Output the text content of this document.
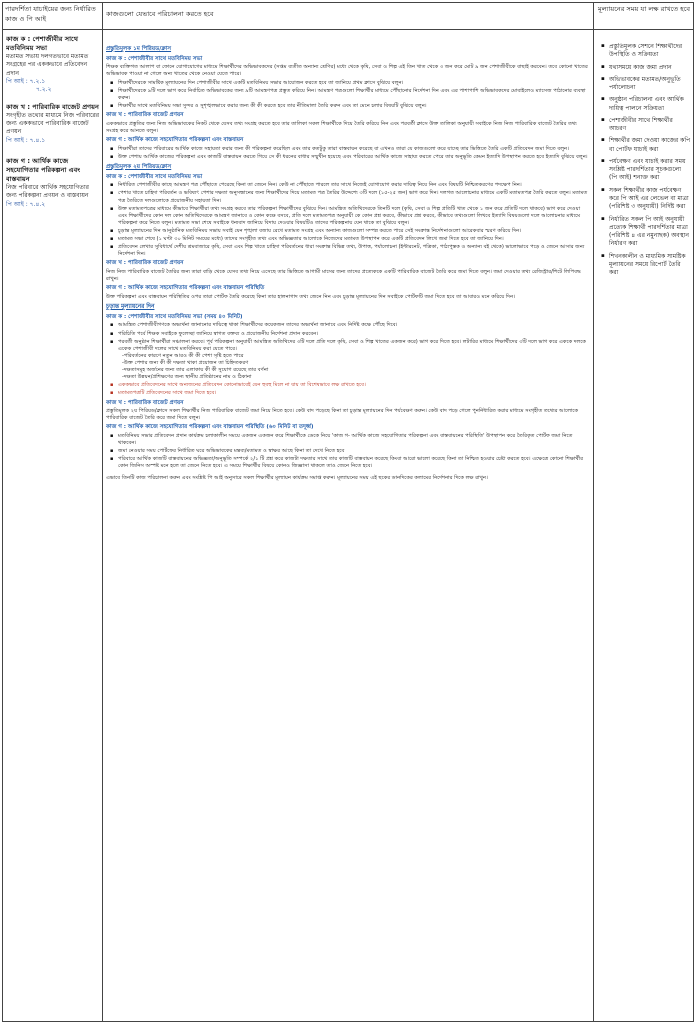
পারদর্শিতা যাচাইয়ের জন্য নির্ধারিত কাজ ও পি আই
কাজগুলো যেভাবে পরিচালনা করতে হবে
মূল্যায়নের সময় যা লক্ষ রাখতে হবে
কাজ ক : পেশাজীবীর সাথে মতবিনিময় সভা
মতামত সভায় দলগতভাবে মতামত সংগ্রহের পর এককভাবে প্রতিবেদন প্রদান
পি আই : ৭.২.১
৭.২.২
কাজ খ : পারিবারিক বাজেট প্রণয়ন
সংগৃহীত তথ্যের মাধ্যমে নিজ পরিবারের জন্য এককভাবে পারিবারিক বাজেট প্রণয়ন
পি আই : ৭.৪.১
কাজ গ : আর্থিক কাজে সহযোগিতার পরিকল্পনা এবং বাস্তবায়ন
নিজ পরিবারে আর্থিক সহযোগিতার জন্য পরিকল্পনা প্রণয়ন ও বাস্তবায়ন
পি আই : ৭.৪.২
প্রস্তুতিমূলক ১ম পিরিয়ড/ক্লাস
কাজ ক : পেশাজীবীর সাথে মতবিনিময় সভা

শিক্ষক ব্যক্তিগত আলাপ বা ফোনে যোগাযোগের মাধ্যমে শিক্ষার্থীদের অভিভাবকদের (সপ্তম ব্যতীত অন্যান্য শ্রেণির) মধ্যে থেকে কৃষি, সেবা ও শিল্প এই তিন খাত থেকে ৩ জন করে মোট ৯ জন পেশাজীবীকে বাছাই করবেন। তবে কোনো খাতের অভিভাবক পাওয়া না গেলে অন্য খাতের থেকে নেওয়া যেতে পারে।

▪ শিক্ষার্থীদেরকে সামষ্টিক মূল্যায়নের দিন পেশাজীবীর সাথে একটি মতবিনিময় সভার আয়োজন করতে হবে তা জানিয়ে প্রথম ক্লাসে বুঝিয়ে বলুন।
▪ শিক্ষার্থীদেরকে ৯টি দলে ভাগ করে নির্বাচিত অভিভাবকের জন্য ৯টি আমন্ত্রণপত্র প্রস্তুত করিয়ে নিন। আমন্ত্রণ পত্রগুলো শিক্ষার্থীর মাধ্যমে পৌঁছানোর নির্দেশনা দিন এবং এর পাশাপাশি অভিভাবকদের মোবাইলেও ম্যাসেজ পাঠানোর ব্যবস্থা করুন।
▪ শিক্ষার্থীর সাথে মতবিনিময় সভা সুন্দর ও সুশৃঙ্খলভাবে করার জন্য কী কী করতে হবে তার নীতিমালা তৈরি করুন এবং তা মেনে চলার বিষয়টি বুঝিয়ে বলুন।
কাজ খ : পারিবারিক বাজেট প্রণয়ন

এককভাবে প্রস্তুতির জন্য নিজ অভিভাবকের নিকট থেকে যেসব তথ্য সংগ্রহ করতে হবে তার তালিকা সকল শিক্ষার্থীকে দিয়ে তৈরি করিয়ে নিন এবং পরবর্তী ক্লাসে উক্ত তালিকা অনুযায়ী সবাইকে নিজ নিজ পারিবারিক বাজেট তৈরির তথ্য সংগ্রহ করে আনতে বলুন।

কাজ গ : আর্থিক কাজে সহযোগিতার পরিকল্পনা এবং বাস্তবায়ন
▪ শিক্ষার্থীরা তাদের পরিবারের আর্থিক কাজে সহায়তা করার জন্য কী পরিকল্পনা করেছিল এবং তার কতটুকু তারা বাস্তবায়ন করেছে বা এখনও তারা যে কাজগুলো করে যাচ্ছে তার ভিত্তিতে তৈরি একটি প্রতিবেদন জমা দিতে বলুন।
▪ উক্ত পেশায় আর্থিক কাজের পরিকল্পনা এবং কাজটি বাস্তবায়ন করতে গিয়ে সে কী ধরনের বাধার সম্মুখীন হয়েছে এবং পরিবারের আর্থিক কাজে সাহায্য করতে পেরে তার অনুভূতি কেমন ইত্যাদি উপস্থাপন করতে হবে ইত্যাদি বুঝিয়ে বলুন।
প্রস্তুতিমূলক ২য় পিরিয়ড/ক্লাস
কাজ ক : পেশাজীবীর সাথে মতবিনিময় সভা
▪ নির্ধারিত পেশাজীবীর কাছে আমন্ত্রণ পত্র পৌঁছাতে পেরেছে কিনা তা জেনে নিন। কেউ না পৌঁছাতে পারলে তার সাথে নিজেই যোগাযোগ করার দায়িত্ব নিয়ে নিন এবং বিষয়টি নিশ্চিতকরণের পদক্ষেপ নিন।
▪ পেশার খাতে চাহিদা পরিবর্তন ও ভবিষ্যৎ পেশার দক্ষতা অনুসন্ধানের জন্য শিক্ষার্থীদের দিয়ে মতামত পত্র তৈরির উদ্দেশ্যে ৩টি দলে (১৫-২৫ জন) ভাগ করে দিন। দলগত আলোচনার মাধ্যমে একটি মতামতপত্র তৈরি করতে বলুন। মতামত পত্র তৈরিতে দলগুলোকে প্রয়োজনীয় সহায়তা দিন।
▪ উক্ত মতামতপত্রের মাধ্যমে কীভাবে শিক্ষার্থীরা তথ্য সংগ্রহ করবে তার পরিকল্পনা শিক্ষার্থীদের বুঝিয়ে দিন। আমন্ত্রিত অতিথিদেরকে তিনটি দলে (কৃষি, সেবা ও শিল্প প্রতিটি খাত থেকে ১ জন করে প্রতিটি দলে থাকবে) ভাগ করে দেওয়া এবং শিক্ষার্থীদের কোন দল কোন অতিথিদেরকে আমন্ত্রণ জানাবে ও কোন কক্ষে বসবে, প্রতি দলে মতামতপত্র অনুযায়ী কে কোন প্রশ্ন করবে, কীভাবে প্রশ্ন করবে, কীভাবে তথ্যগুলো লিখবে ইত্যাদি বিষয়গুলো দলে আলোচনার মাধ্যমে পরিকল্পনা করে নিতে বলুন। মতামত সভা শেষে সবাইকে ধন্যবাদ জানিয়ে বিদায় দেওয়ার বিষয়টিও তাদের পরিকল্পনায় যেন থাকে তা বুঝিয়ে বলুন।
▪ চূড়ান্ত মূল্যায়নের দিন আনুষ্ঠানিক মতবিনিময় সভায় সবাই যেন শৃঙ্খলা বজায় রেখে মতামত সংগ্রহ এবং অন্যান্য কাজগুলো সম্পন্ন করতে পারে সেই সংক্রান্ত নির্দেশনাগুলো আরেকবার স্মরণ করিয়ে দিন।
▪ মতামত সভা শেষে (১ ঘণ্টা ৩০ মিনিট সময়ের মধ্যে) তাদের সংগৃহীত তথ্য এবং অভিজ্ঞতার আলোকে নিজেদের মতামত উপস্থাপন করে একটি প্রতিবেদন লিখে জমা দিতে হবে তা জানিয়ে দিন।
▪ প্রতিবেদন লেখার সুবিধার্থে দেশীয় শ্রমবাজারে কৃষি, সেবা এবং শিল্প খাতে চাহিদা পরিবর্তনের ধারা সংক্রান্ত বিভিন্ন তথ্য, উপাত্ত, পর্যালোচনা (ইন্টারনেট, পত্রিকা, পাঠ্যপুস্তক ও অন্যান্য বই থেকে) ভালোভাবে পড়ে ও জেনে আসার জন্য নির্দেশনা দিন।
কাজ খ : পারিবারিক বাজেট প্রণয়ন

নিজ নিজ পারিবারিক বাজেট তৈরির জন্য তারা বাড়ি থেকে যেসব তথ্য নিয়ে এসেছে তার ভিত্তিতে আগামী মাসের জন্য তাদের প্রত্যেককে একটি পারিবারিক বাজেট তৈরি করে জমা দিতে বলুন। জমা দেওয়ার তথ্য রেজিস্ট্রার/শিটে লিপিবদ্ধ রাখুন।

কাজ গ : আর্থিক কাজে সহযোগিতার পরিকল্পনা এবং বাস্তবায়ন পরিস্থিতি

উক্ত পরিকল্পনা এবং বাস্তবায়ন পরিস্থিতির ওপর তারা পোর্টফ তৈরি করেছে কিনা তার হালনাগাদ তথ্য জেনে নিন এবং চূড়ান্ত মূল্যায়নের দিন সবাইকে পোর্টফটি জমা দিতে হবে তা আবারও মনে করিয়ে দিন।

চূড়ান্ত মূল্যায়নের দিন
কাজ ক : পেশাজীবীর সাথে মতবিনিময় সভা (সময় ৪০ মিনিট)
▪ আমন্ত্রিত পেশাজীবীগণকে অভ্যর্থনা জানানোর দায়িত্বে থাকা শিক্ষার্থীদের কয়েকজন তাদের অভ্যর্থনা জানাবে এবং নির্দিষ্ট কক্ষে পৌঁছে দিবে।
▪ পরিচিতি পর্বে শিক্ষক সবাইকে ফুলেচ্ছা জানিয়ে স্বাগত বক্তব্য ও প্রয়োজনীয় নির্দেশনা প্রদান করবেন।
▪ পরবর্তী অনুষ্ঠান শিক্ষার্থীরা সঞ্চালনা করবে। পূর্ব পরিকল্পনা অনুযায়ী আমন্ত্রিত অতিথিদের ৩টি দলে প্রতি দলে কৃষি, সেবা ও শিল্প খাতের একজন করে) ভাগ করে দিতে হবে। লটারির মাধ্যমে শিক্ষার্থীদের ৩টি দলে ভাগ করে এককে দলকে একেক পেশাজীবী দলের সাথে মতবিনিময় করা যেতে পারে।
-পরিবর্তনের কারণে নতুন আরও কী কী পেশা সৃষ্টি হতে পারে
-উক্ত পেশার জন্য কী কী দক্ষতা থাকা প্রয়োজন তা চিহ্নিতকরণ
-দক্ষতাসমূহ অর্জনের জন্য তার এলাকায় কী কী সুযোগ রয়েছে তার বর্ণনা
-দক্ষতা উন্নয়ন/প্রশিক্ষণের জন্য স্থানীয় প্রতিষ্ঠানের নাম ও ঠিকানা
▪ এককভাবে প্রতিবেদনের সাথে অন্যজনের প্রতিবেদন কোনোভাবেই যেন হুবহু মিলে না যায় তা বিশেষভাবে লক্ষ রাখতে হবে।
▪ মতামতপত্রটি প্রতিবেদনের সাথে জমা দিতে হবে।
কাজ খ : পারিবারিক বাজেট প্রণয়ন

প্রস্তুতিমূলক ২য় পিরিয়ড/ক্লাসে সকল শিক্ষার্থীর নিজ পারিবারিক বাজেট জমা নিয়ে নিতে হবে। কেউ বাদ পড়েছে কিনা তা চূড়ান্ত মূল্যায়নের দিন পর্যবেক্ষণ করুন। কেউ বাদ পড়ে গেলে পুনর্নিধারিত করার মাধ্যমে সংগৃহীত তথ্যের আলোকে পারিবারিক বাজেট তৈরি করে জমা দিতে বলুন।

কাজ গ : আর্থিক কাজে সহযোগিতার পরিকল্পনা এবং বাস্তবায়ন পরিস্থিতি (৬০ মিনিট বা তদূর্ধ্ব)
▪ মতবিনিময় সভার প্রতিবেদন প্রদান কার্যক্রম চলাকালীন সময়ে একজন একজন করে শিক্ষার্থীকে ডেকে নিয়ে 'কাজ গ- আর্থিক কাজে সহযোগিতার পরিকল্পনা এবং বাস্তবায়নের পরিস্থিতি' উপস্থাপন করে তৈরিকৃত পোর্টফ জমা নিতে থাকবেন।
▪ জমা নেওয়ার সময় পোর্টফের নির্ধারিত ঘরে অভিভাবকের মন্তব্য/মতামত ও স্বাক্ষর আছে কিনা তা দেখে নিতে হবে
▪ পরিবারে আর্থিক কাজটি বাস্তবায়নের অভিজ্ঞতা/অনুভূতি সম্পর্কে ২/১ টি প্রশ্ন করে কাজটা দক্ষতার সাথে তার কাজটি বাস্তবায়ন করেছে কিংবা আরো ভালো করেছে কিনা তা নিশ্চিত হওয়ার চেষ্টা করতে হবে। এক্ষেত্রে কোনো শিক্ষার্থীর কোন জিনিস অস্পষ্ট মনে হলে তা জেনে নিতে হবে। এ সময়ে শিক্ষার্থীর বিষয়ে কোনও জিজ্ঞাসা থাকলে তাও জেনে নিতে হবে।

এভাবে তিনটি কাজ পরিচালনা করুন এবং সংশ্লিষ্ট পি আই অনুসারে সকল শিক্ষার্থীর মূল্যায়ন কার্যক্রম সমাপ্ত করুন। মূল্যায়নের সময় এই ছকের ডানদিকের কলামের নির্দেশনার দিকে লক্ষ রাখুন।

▪ প্রস্তুতিমূলক সেশনে শিক্ষার্থীদের উপস্থিতি ও সক্রিয়তা
▪ যথাসময়ে কাজ জমা প্রদান
▪ অভিভাবকের মতামত/অনুভূতি পর্যালোচনা
▪ অনুষ্ঠান পরিচালনা এবং আর্থিক দায়িত্ব পালনে সক্রিয়তা
▪ পেশাজীবীর সাথে শিক্ষার্থীর আচরণ
▪ শিক্ষার্থীর জমা দেওয়া কাজের কপি বা পোর্টফ যাচাই করা
▪ পর্যবেক্ষণ এবং যাচাই করার সময় সংশ্লিষ্ট পারদর্শিতার সূচকগুলো (পি আই) শনাক্ত করা
▪ সকল শিক্ষার্থীর কাজ পর্যবেক্ষণ করে পি আই এর লেভেল বা মাত্রা (পরিশিষ্ট ৩ অনুযায়ী) নির্দিষ্ট করা
▪ নির্ধারিত সকল পি আই অনুযায়ী প্রত্যেক শিক্ষার্থী পারদর্শিতার মাত্রা (পরিশিষ্ট ৪ এর নমুনাছক) অবস্থান নির্ধারণ করা
▪ শিখনকালীন ও মাধ্যমিক সামষ্টিক মূল্যায়নের সময়ে রিপোর্ট তৈরি করা
